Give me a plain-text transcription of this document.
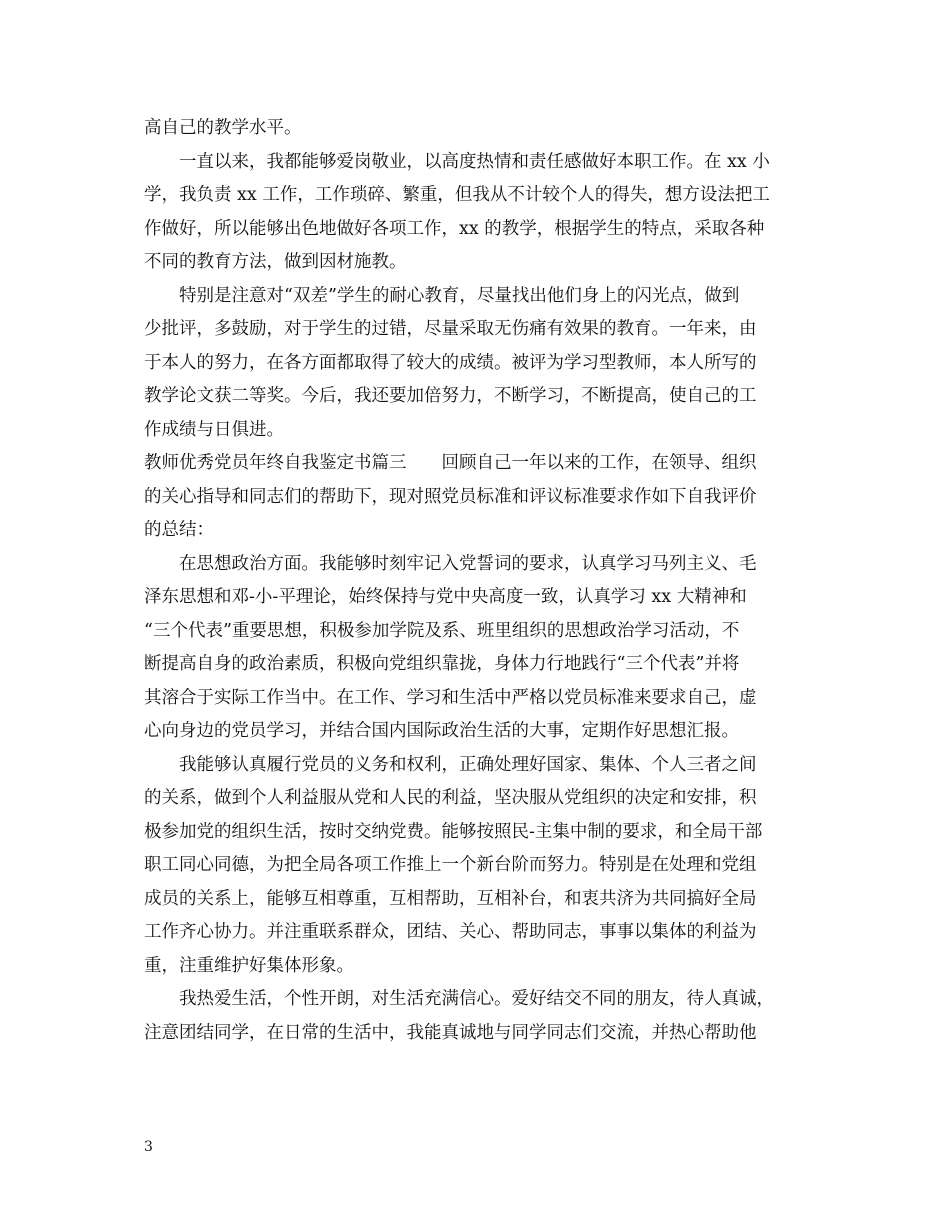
高自己的教学水平。
一直以来，我都能够爱岗敬业，以高度热情和责任感做好本职工作。在 xx 小
学，我负责 xx 工作，工作琐碎、繁重，但我从不计较个人的得失，想方设法把工
作做好，所以能够出色地做好各项工作，xx 的教学，根据学生的特点，采取各种
不同的教育方法，做到因材施教。
特别是注意对“双差”学生的耐心教育，尽量找出他们身上的闪光点，做到
少批评，多鼓励，对于学生的过错，尽量采取无伤痛有效果的教育。一年来，由
于本人的努力，在各方面都取得了较大的成绩。被评为学习型教师，本人所写的
教学论文获二等奖。今后，我还要加倍努力，不断学习，不断提高，使自己的工
作成绩与日俱进。
教师优秀党员年终自我鉴定书篇三　　回顾自己一年以来的工作，在领导、组织
的关心指导和同志们的帮助下，现对照党员标准和评议标准要求作如下自我评价
的总结：
在思想政治方面。我能够时刻牢记入党誓词的要求，认真学习马列主义、毛
泽东思想和邓-小-平理论，始终保持与党中央高度一致，认真学习 xx 大精神和
“三个代表”重要思想，积极参加学院及系、班里组织的思想政治学习活动，不
断提高自身的政治素质，积极向党组织靠拢，身体力行地践行“三个代表”并将
其溶合于实际工作当中。在工作、学习和生活中严格以党员标准来要求自己，虚
心向身边的党员学习，并结合国内国际政治生活的大事，定期作好思想汇报。
我能够认真履行党员的义务和权利，正确处理好国家、集体、个人三者之间
的关系，做到个人利益服从党和人民的利益，坚决服从党组织的决定和安排，积
极参加党的组织生活，按时交纳党费。能够按照民-主集中制的要求，和全局干部
职工同心同德，为把全局各项工作推上一个新台阶而努力。特别是在处理和党组
成员的关系上，能够互相尊重，互相帮助，互相补台，和衷共济为共同搞好全局
工作齐心协力。并注重联系群众，团结、关心、帮助同志，事事以集体的利益为
重，注重维护好集体形象。
我热爱生活，个性开朗，对生活充满信心。爱好结交不同的朋友，待人真诚，
注意团结同学，在日常的生活中，我能真诚地与同学同志们交流，并热心帮助他
3
